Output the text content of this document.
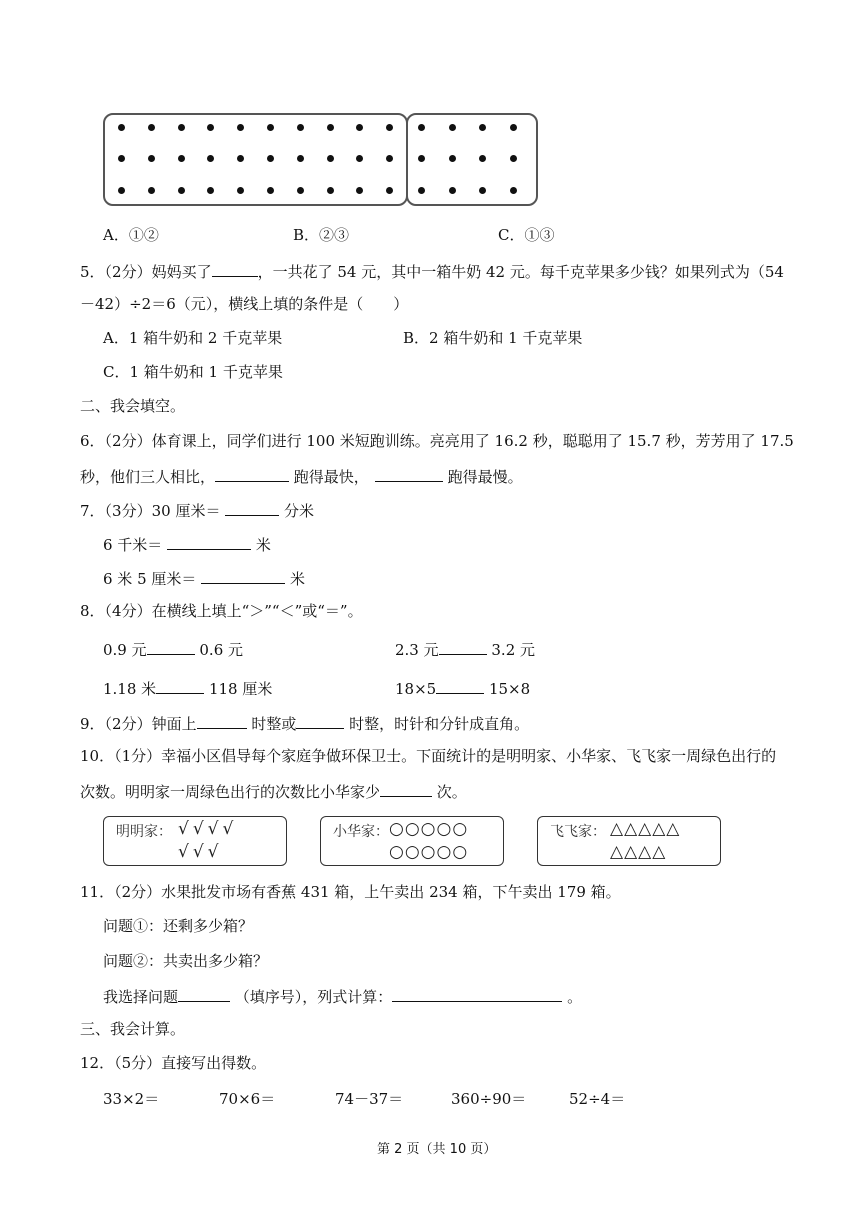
A．①②	B．②③	C．①③
5．（2分）妈妈买了	，一共花了 54 元，其中一箱牛奶 42 元。每千克苹果多少钱？如果列式为（54
－42）÷2＝6（元），横线上填的条件是（　　）
A．1 箱牛奶和 2 千克苹果	B．2 箱牛奶和 1 千克苹果
C．1 箱牛奶和 1 千克苹果
二、我会填空。
6．（2分）体育课上，同学们进行 100 米短跑训练。亮亮用了 16.2 秒，聪聪用了 15.7 秒，芳芳用了 17.5
秒，他们三人相比，	跑得最快，	跑得最慢。
7．（3分）30 厘米＝	分米
6 千米＝	米
6 米 5 厘米＝	米
8．（4分）在横线上填上“＞”“＜”或“＝”。
0.9 元	0.6 元	2.3 元	3.2 元
1.18 米	118 厘米	18×5	15×8
9．（2分）钟面上	时整或	时整，时针和分针成直角。
10．（1分）幸福小区倡导每个家庭争做环保卫士。下面统计的是明明家、小华家、飞飞家一周绿色出行的
次数。明明家一周绿色出行的次数比小华家少	次。
明明家： √√√√
√√√
小华家： ○○○○○
○○○○○
飞飞家： △△△△△
△△△△
11．（2分）水果批发市场有香蕉 431 箱，上午卖出 234 箱，下午卖出 179 箱。
问题①：还剩多少箱？
问题②：共卖出多少箱？
我选择问题	（填序号），列式计算：	。
三、我会计算。
12．（5分）直接写出得数。
33×2＝	70×6＝	74－37＝	360÷90＝	52÷4＝
第 2 页（共 10 页）
